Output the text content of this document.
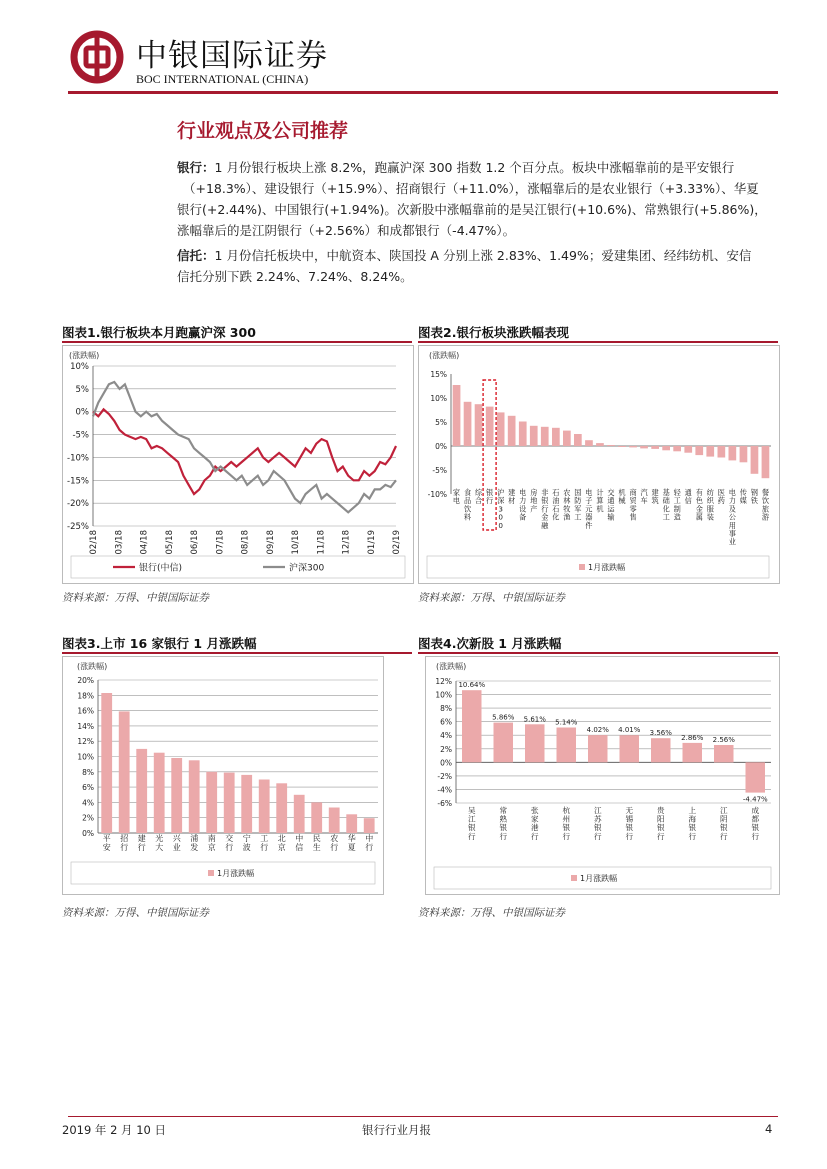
中银国际证券
BOC INTERNATIONAL (CHINA)
行业观点及公司推荐
银行：1 月份银行板块上涨 8.2%，跑赢沪深 300 指数 1.2 个百分点。板块中涨幅靠前的是平安银行
（+18.3%）、建设银行（+15.9%）、招商银行（+11.0%），涨幅靠后的是农业银行（+3.33%）、华夏
银行(+2.44%)、中国银行(+1.94%)。次新股中涨幅靠前的是吴江银行(+10.6%)、常熟银行(+5.86%)，
涨幅靠后的是江阴银行（+2.56%）和成都银行（-4.47%）。
信托：1 月份信托板块中，中航资本、陕国投 A 分别上涨 2.83%、1.49%；爱建集团、经纬纺机、安信
信托分别下跌 2.24%、7.24%、8.24%。
图表1.银行板块本月跑赢沪深 300
(涨跌幅)
10%
5%
0%
-5%
-10%
-15%
-20%
-25%
02/18 03/18 04/18 05/18 06/18 07/18 08/18 09/18 10/18 11/18 12/18 01/19 02/19
银行(中信)	沪深300
资料来源：万得、中银国际证券
图表2.银行板块涨跌幅表现
(涨跌幅)
15%
10%
5%
0%
-5%
-10% 家电
食品饮料
综合
银行
沪深 3 0 0
建材
电力设备
房地产
非银行金融
石油石化
农林牧渔
国防军工
电子元器件
计算机
交通运输
机械
商贸零售
汽车
建筑
基础化工
轻工制造
通信
有色金属
纺织服装
医药
电力及公用事业
传媒
钢铁
餐饮旅游
1月涨跌幅
资料来源：万得、中银国际证券
图表3.上市 16 家银行 1 月涨跌幅
(涨跌幅)
20%
18%
16%
14%
12%
10%
8%
6%
4%
2%
0%
平安
招行
建行
光大
兴业
浦发
南京
交行
宁波
工行
北京
中信
民生
农行
华夏
中行
1月涨跌幅
资料来源：万得、中银国际证券
图表4.次新股 1 月涨跌幅
(涨跌幅)
12%
10%
8%
6%
4%
2%
0%
-2%
-4%
-6%
10.64%
吴江银行
5.86%
常熟银行
5.61%
张家港行
5.14%
杭州银行
4.02%
江苏银行
4.01%
无锡银行
3.56%
贵阳银行
2.86%
上海银行
2.56%
江阴银行
-4.47%
成都银行
1月涨跌幅
资料来源：万得、中银国际证券
2019 年 2 月 10 日	银行行业月报	4
